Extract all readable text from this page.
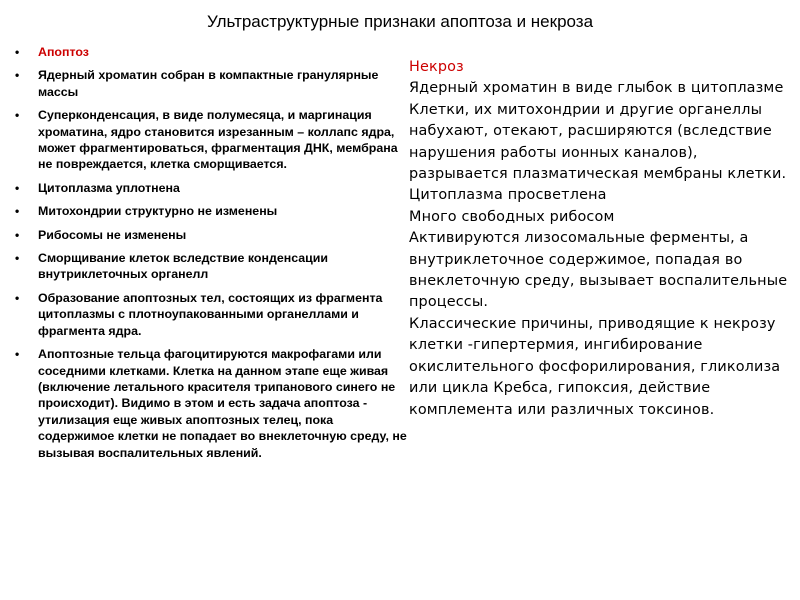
Ультраструктурные признаки апоптоза и некроза
• Апоптоз
• Ядерный хроматин собран в компактные гранулярные массы
• Суперконденсация, в виде полумесяца, и маргинация хроматина, ядро становится изрезанным – коллапс ядра, может фрагментироваться, фрагментация ДНК, мембрана не повреждается, клетка сморщивается.
• Цитоплазма уплотнена
• Митохондрии структурно не изменены
• Рибосомы не изменены
• Сморщивание клеток вследствие конденсации внутриклеточных органелл
• Образование апоптозных тел, состоящих из фрагмента цитоплазмы с плотноупакованными органеллами и фрагмента ядра.
• Апоптозные тельца фагоцитируются макрофагами или соседними клетками. Клетка на данном этапе еще живая (включение летального красителя трипанового синего не происходит). Видимо в этом и есть задача апоптоза - утилизация еще живых апоптозных телец, пока содержимое клетки не попадает во внеклеточную среду, не вызывая воспалительных явлений.

Некроз

Ядерный хроматин в виде глыбок в цитоплазме

Клетки, их митохондрии и другие органеллы набухают, отекают, расширяются (вследствие нарушения работы ионных каналов), разрывается плазматическая мембраны клетки.

Цитоплазма просветлена

Много свободных рибосом

Активируются лизосомальные ферменты, а внутриклеточное содержимое, попадая во внеклеточную среду, вызывает воспалительные процессы.

Классические причины, приводящие к некрозу клетки -гипертермия, ингибирование окислительного фосфорилирования, гликолиза или цикла Кребса, гипоксия, действие комплемента или различных токсинов.
